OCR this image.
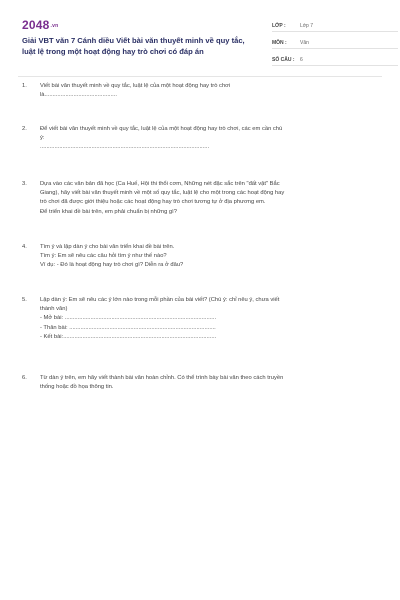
2048.vn
Giải VBT văn 7 Cánh diều Viết bài văn thuyết minh về quy tắc, luật lệ trong một hoạt động hay trò chơi có đáp án
LỚP :	Lớp 7
MÔN :	Văn
SỐ CÂU :	6
1.	Viết bài văn thuyết minh về quy tắc, luật lệ của một hoạt động hay trò chơi
là.............................................
2.	Để viết bài văn thuyết minh về quy tắc, luật lệ của một hoạt động hay trò chơi, các em cần chú
ý:
.........................................................................................................
3.	Dựa vào các văn bản đã học (Ca Huế, Hội thi thổi cơm, Những nét đặc sắc trên "đất vật" Bắc
Giang), hãy viết bài văn thuyết minh về một số quy tắc, luật lệ cho một trong các hoạt động hay
trò chơi đã được giới thiệu hoặc các hoạt động hay trò chơi tương tự ở địa phương em.
Để triển khai đề bài trên, em phải chuẩn bị những gì?
4.	Tìm ý và lập dàn ý cho bài văn triển khai đề bài trên.
Tìm ý: Em sẽ nêu các câu hỏi tìm ý như thế nào?
Ví dụ: - Đó là hoạt động hay trò chơi gì? Diễn ra ở đâu?
5.	Lập dàn ý: Em sẽ nêu các ý lớn nào trong mỗi phần của bài viết? (Chú ý: chỉ nêu ý, chưa viết
thành văn)
- Mở bài: ..............................................................................................
- Thân bài: ...........................................................................................
- Kết bài:...............................................................................................
6.	Từ dàn ý trên, em hãy viết thành bài văn hoàn chỉnh. Có thể trình bày bài văn theo cách truyền
thống hoặc đồ họa thông tin.
